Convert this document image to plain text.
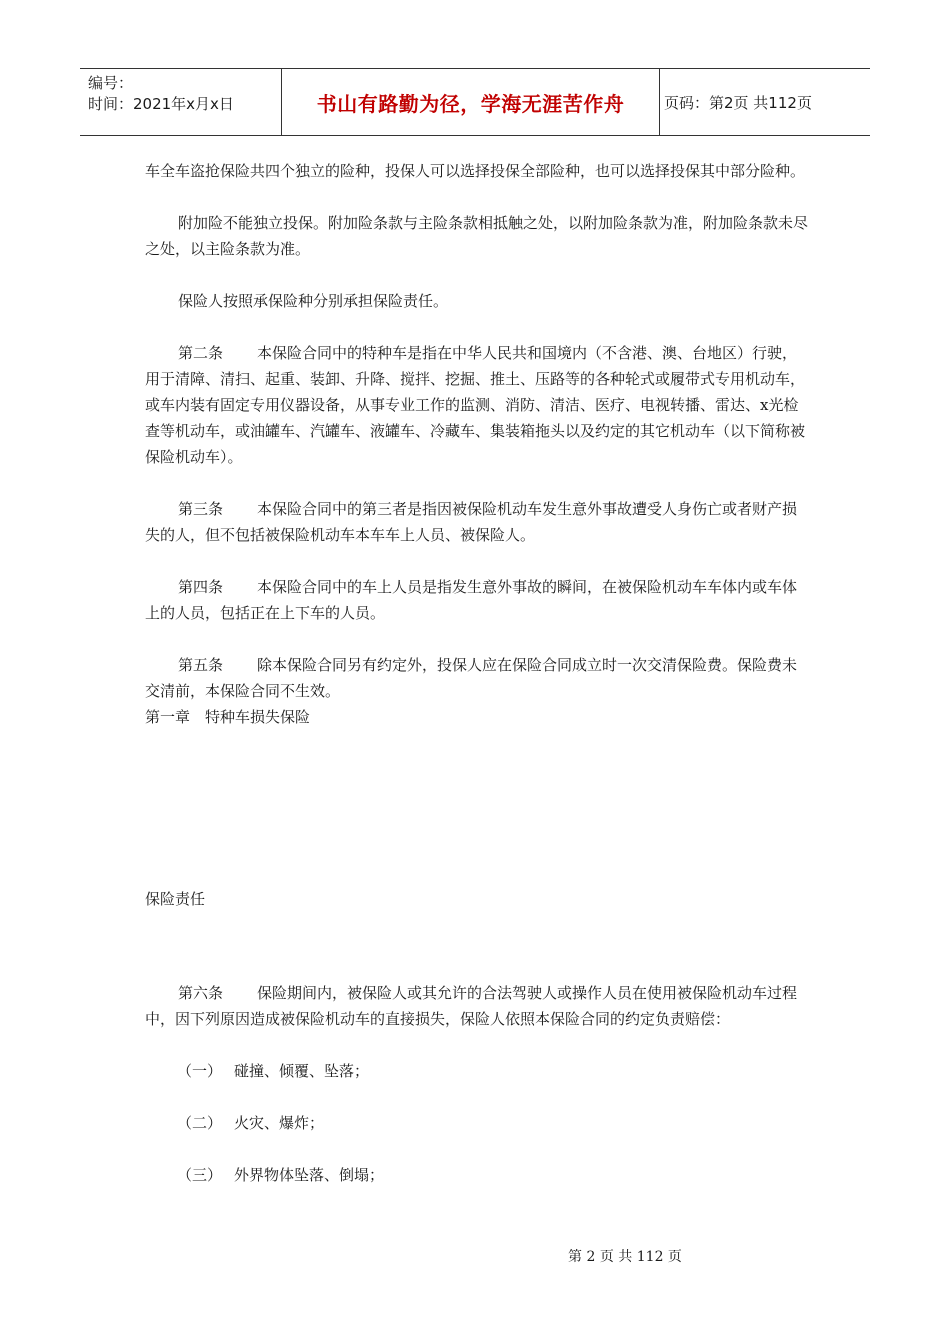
编号：
时间：2021年x月x日	书山有路勤为径，学海无涯苦作舟	页码：第2页 共112页

车全车盗抢保险共四个独立的险种，投保人可以选择投保全部险种，也可以选择投保其中部分险种。

附加险不能独立投保。附加险条款与主险条款相抵触之处，以附加险条款为准，附加险条款未尽之处，以主险条款为准。

保险人按照承保险种分别承担保险责任。

第二条 本保险合同中的特种车是指在中华人民共和国境内（不含港、澳、台地区）行驶，用于清障、清扫、起重、装卸、升降、搅拌、挖掘、推土、压路等的各种轮式或履带式专用机动车，或车内装有固定专用仪器设备，从事专业工作的监测、消防、清洁、医疗、电视转播、雷达、x光检查等机动车，或油罐车、汽罐车、液罐车、冷藏车、集装箱拖头以及约定的其它机动车（以下简称被保险机动车）。

第三条 本保险合同中的第三者是指因被保险机动车发生意外事故遭受人身伤亡或者财产损失的人，但不包括被保险机动车本车车上人员、被保险人。

第四条 本保险合同中的车上人员是指发生意外事故的瞬间，在被保险机动车车体内或车体上的人员，包括正在上下车的人员。

第五条 除本保险合同另有约定外，投保人应在保险合同成立时一次交清保险费。保险费未交清前，本保险合同不生效。

第一章　特种车损失保险

保险责任

第六条 保险期间内，被保险人或其允许的合法驾驶人或操作人员在使用被保险机动车过程中，因下列原因造成被保险机动车的直接损失，保险人依照本保险合同的约定负责赔偿：

（一） 碰撞、倾覆、坠落；

（二） 火灾、爆炸；

（三） 外界物体坠落、倒塌；

第 2 页 共 112 页
